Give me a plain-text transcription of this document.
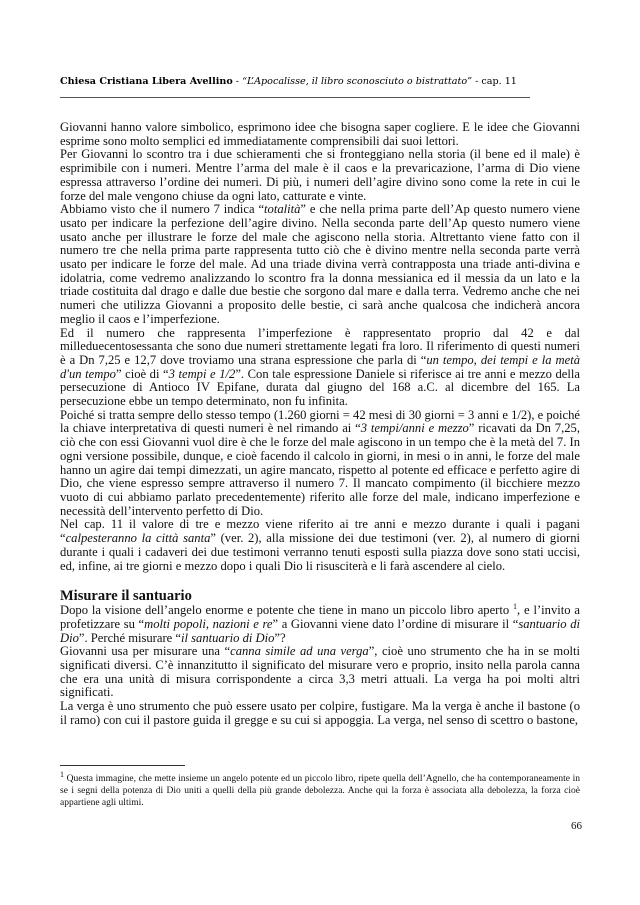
Chiesa Cristiana Libera Avellino - “L’Apocalisse, il libro sconosciuto o bistrattato” - cap. 11

Giovanni hanno valore simbolico, esprimono idee che bisogna saper cogliere. E le idee che Giovanni esprime sono molto semplici ed immediatamente comprensibili dai suoi lettori.

Per Giovanni lo scontro tra i due schieramenti che si fronteggiano nella storia (il bene ed il male) è esprimibile con i numeri. Mentre l’arma del male è il caos e la prevaricazione, l’arma di Dio viene espressa attraverso l’ordine dei numeri. Di più, i numeri dell’agire divino sono come la rete in cui le forze del male vengono chiuse da ogni lato, catturate e vinte.

Abbiamo visto che il numero 7 indica “totalità” e che nella prima parte dell’Ap questo numero viene usato per indicare la perfezione dell’agire divino. Nella seconda parte dell’Ap questo numero viene usato anche per illustrare le forze del male che agiscono nella storia. Altrettanto viene fatto con il numero tre che nella prima parte rappresenta tutto ciò che è divino mentre nella seconda parte verrà usato per indicare le forze del male. Ad una triade divina verrà contrapposta una triade anti-divina e idolatria, come vedremo analizzando lo scontro fra la donna messianica ed il messia da un lato e la triade costituita dal drago e dalle due bestie che sorgono dal mare e dalla terra. Vedremo anche che nei numeri che utilizza Giovanni a proposito delle bestie, ci sarà anche qualcosa che indicherà ancora meglio il caos e l’imperfezione.

Ed il numero che rappresenta l’imperfezione è rappresentato proprio dal 42 e dal milleduecentosessanta che sono due numeri strettamente legati fra loro. Il riferimento di questi numeri è a Dn 7,25 e 12,7 dove troviamo una strana espressione che parla di “un tempo, dei tempi e la metà d'un tempo” cioè di “3 tempi e 1/2”. Con tale espressione Daniele si riferisce ai tre anni e mezzo della persecuzione di Antioco IV Epifane, durata dal giugno del 168 a.C. al dicembre del 165. La persecuzione ebbe un tempo determinato, non fu infinita.

Poiché si tratta sempre dello stesso tempo (1.260 giorni = 42 mesi di 30 giorni = 3 anni e 1/2), e poiché la chiave interpretativa di questi numeri è nel rimando ai “3 tempi/anni e mezzo” ricavati da Dn 7,25, ciò che con essi Giovanni vuol dire è che le forze del male agiscono in un tempo che è la metà del 7. In ogni versione possibile, dunque, e cioè facendo il calcolo in giorni, in mesi o in anni, le forze del male hanno un agire dai tempi dimezzati, un agire mancato, rispetto al potente ed efficace e perfetto agire di Dio, che viene espresso sempre attraverso il numero 7. Il mancato compimento (il bicchiere mezzo vuoto di cui abbiamo parlato precedentemente) riferito alle forze del male, indicano imperfezione e necessità dell’intervento perfetto di Dio.

Nel cap. 11 il valore di tre e mezzo viene riferito ai tre anni e mezzo durante i quali i pagani “calpesteranno la città santa” (ver. 2), alla missione dei due testimoni (ver. 2), al numero di giorni durante i quali i cadaveri dei due testimoni verranno tenuti esposti sulla piazza dove sono stati uccisi, ed, infine, ai tre giorni e mezzo dopo i quali Dio li risusciterà e li farà ascendere al cielo.

Misurare il santuario

Dopo la visione dell’angelo enorme e potente che tiene in mano un piccolo libro aperto $^1$, e l’invito a profetizzare su “molti popoli, nazioni e re” a Giovanni viene dato l’ordine di misurare il “santuario di Dio”. Perché misurare “il santuario di Dio”?

Giovanni usa per misurare una “canna simile ad una verga”, cioè uno strumento che ha in se molti significati diversi. C’è innanzitutto il significato del misurare vero e proprio, insito nella parola canna che era una unità di misura corrispondente a circa 3,3 metri attuali. La verga ha poi molti altri significati.

La verga è uno strumento che può essere usato per colpire, fustigare. Ma la verga è anche il bastone (o il ramo) con cui il pastore guida il gregge e su cui si appoggia. La verga, nel senso di scettro o bastone,

$^1$ Questa immagine, che mette insieme un angelo potente ed un piccolo libro, ripete quella dell’Agnello, che ha contemporaneamente in se i segni della potenza di Dio uniti a quelli della più grande debolezza. Anche qui la forza è associata alla debolezza, la forza cioè appartiene agli ultimi.
66
